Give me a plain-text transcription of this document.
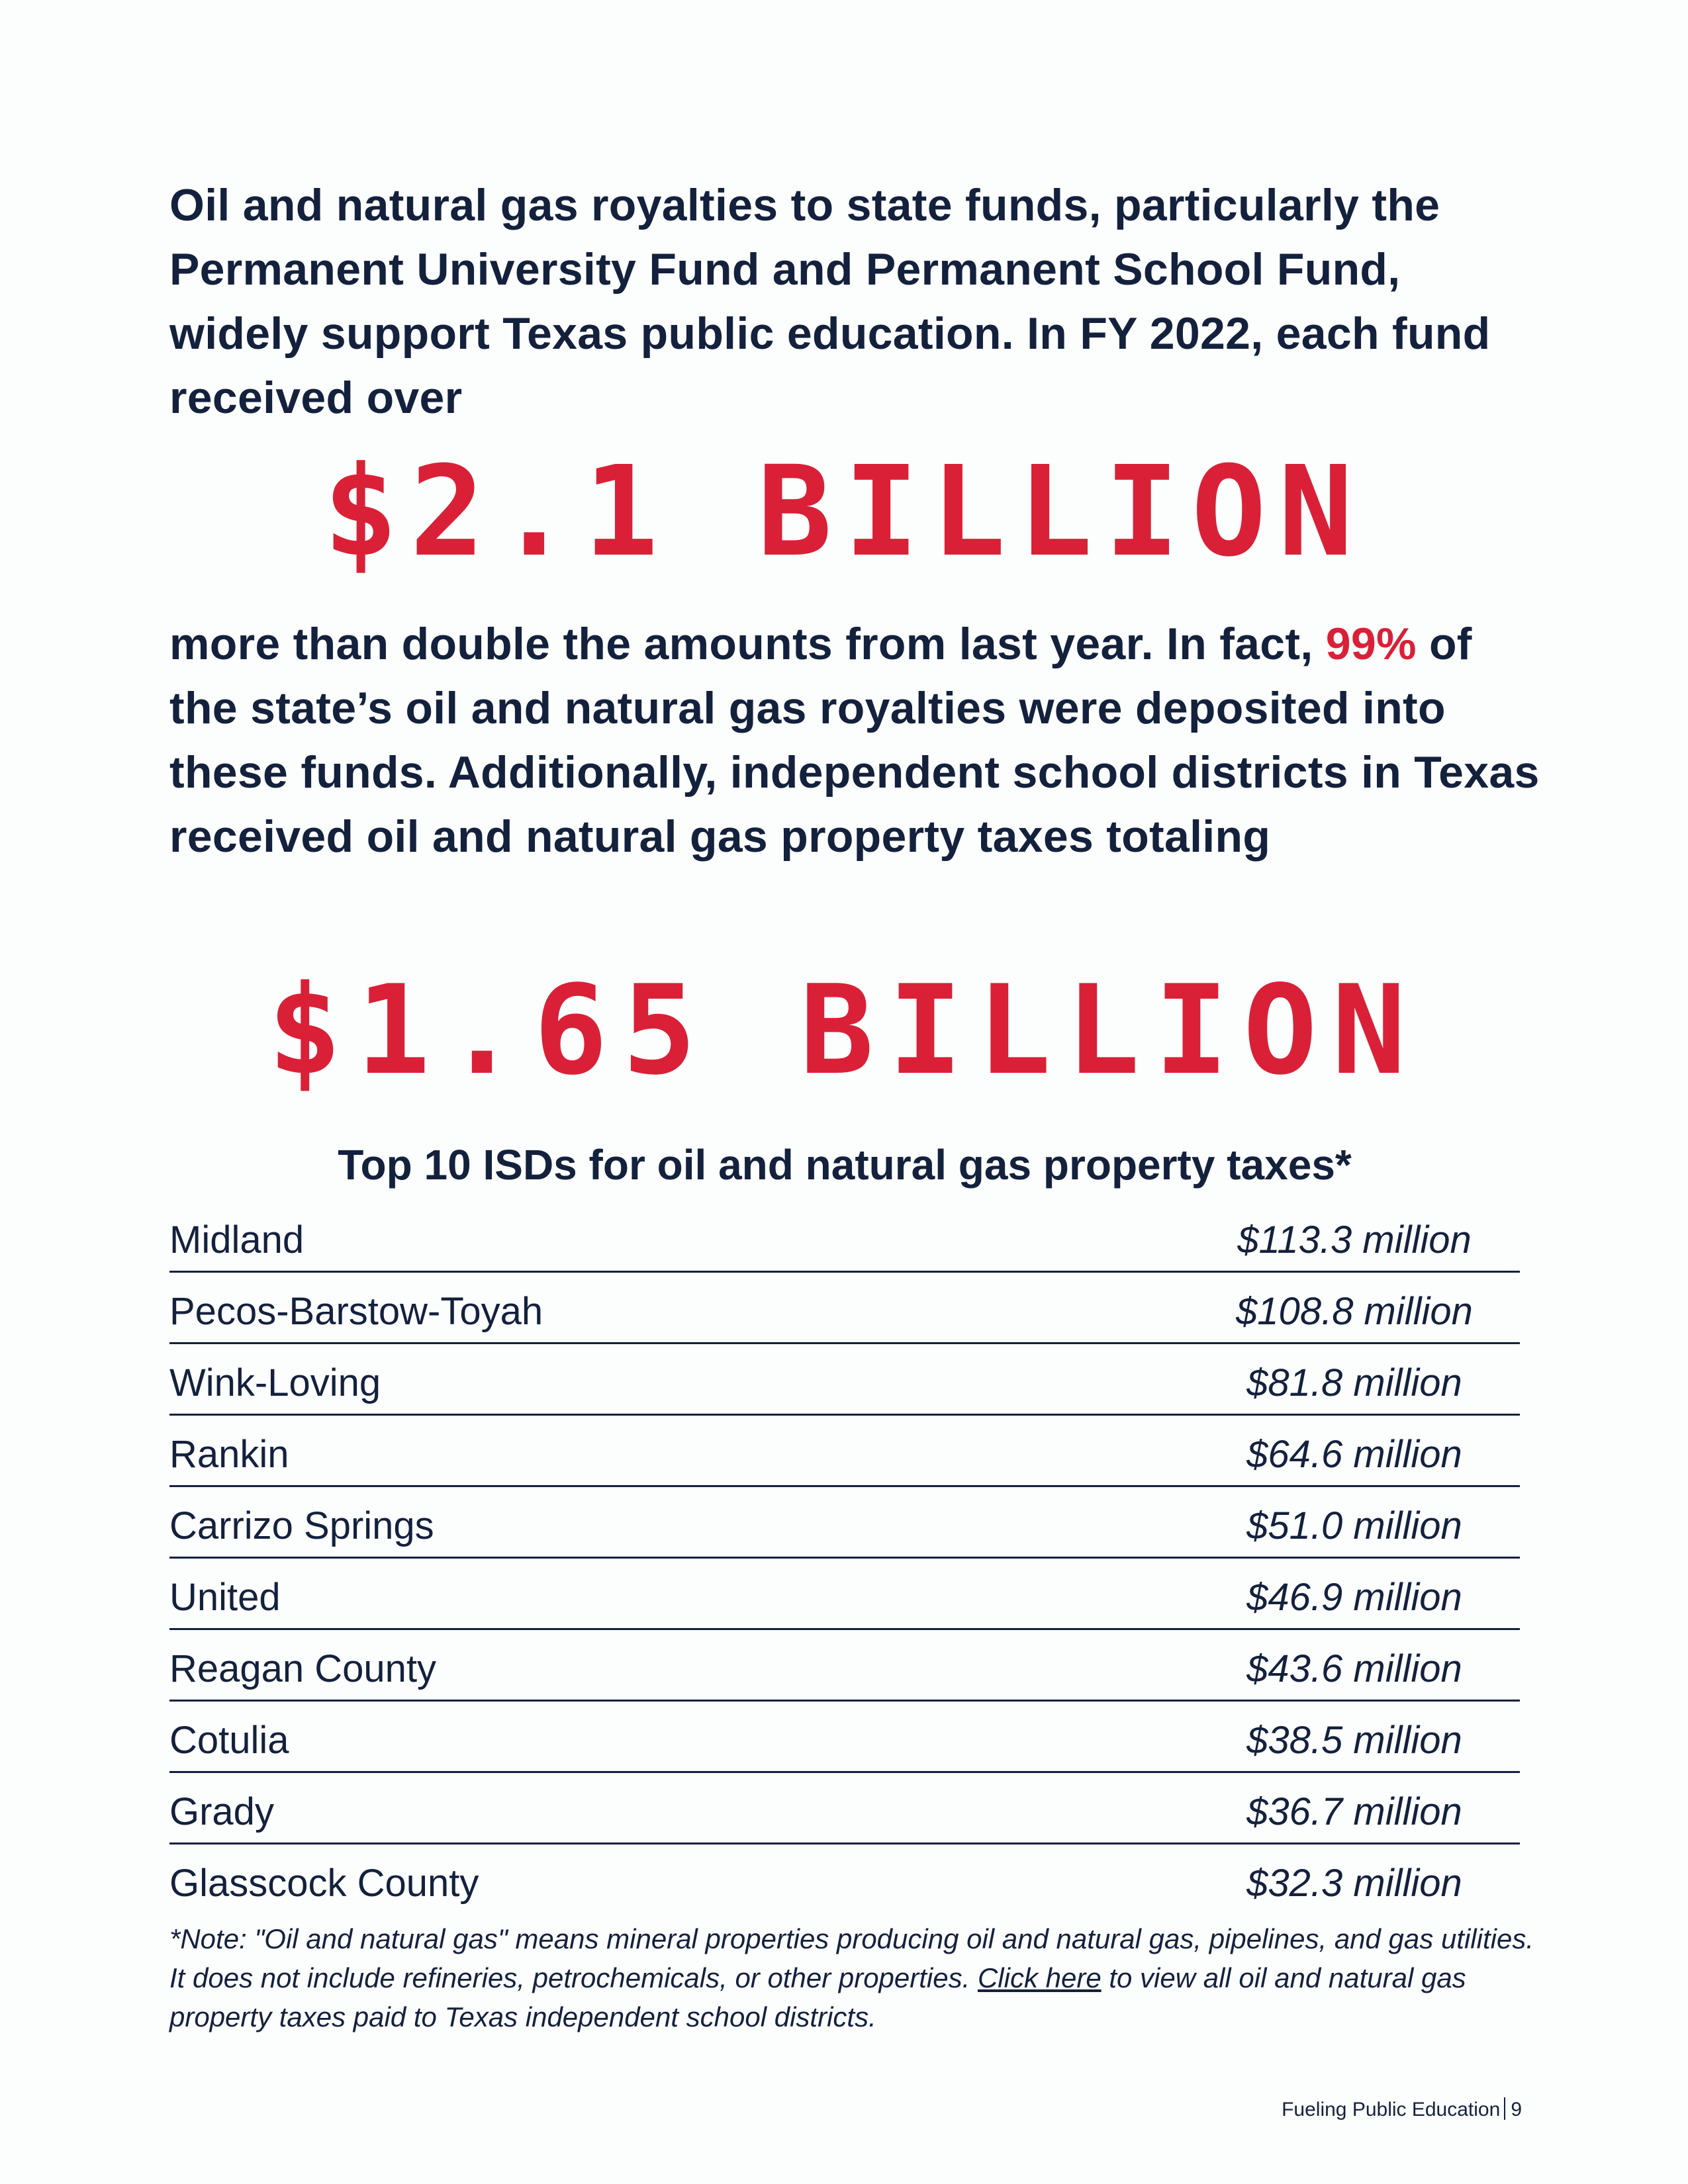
Oil and natural gas royalties to state funds, particularly the Permanent University Fund and Permanent School Fund, widely support Texas public education. In FY 2022, each fund received over

$2.1 BILLION

more than double the amounts from last year. In fact, 99% of the state’s oil and natural gas royalties were deposited into these funds. Additionally, independent school districts in Texas received oil and natural gas property taxes totaling

$1.65 BILLION
Top 10 ISDs for oil and natural gas property taxes*
Midland	$113.3 million
Pecos-Barstow-Toyah	$108.8 million
Wink-Loving	$81.8 million
Rankin	$64.6 million
Carrizo Springs	$51.0 million
United	$46.9 million
Reagan County	$43.6 million
Cotulia	$38.5 million
Grady	$36.7 million
Glasscock County	$32.3 million

*Note: "Oil and natural gas" means mineral properties producing oil and natural gas, pipelines, and gas utilities. It does not include refineries, petrochemicals, or other properties. Click here to view all oil and natural gas property taxes paid to Texas independent school districts.

Fueling Public Education 9
